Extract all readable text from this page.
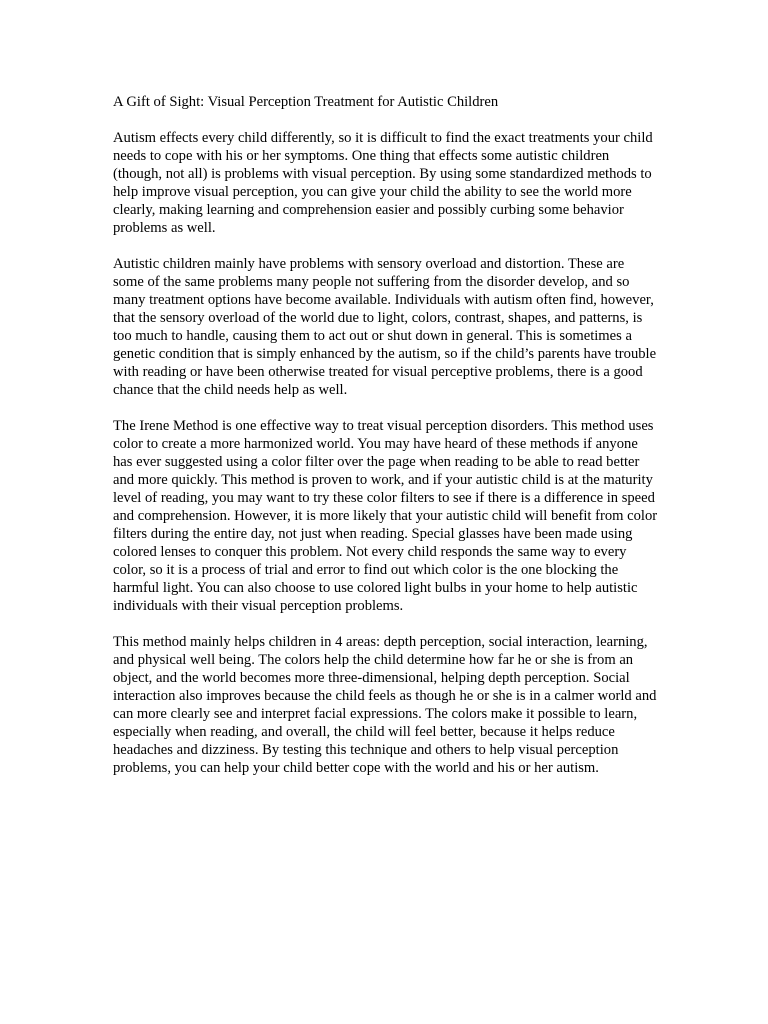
A Gift of Sight: Visual Perception Treatment for Autistic Children

Autism effects every child differently, so it is difficult to find the exact treatments your child needs to cope with his or her symptoms. One thing that effects some autistic children (though, not all) is problems with visual perception. By using some standardized methods to help improve visual perception, you can give your child the ability to see the world more clearly, making learning and comprehension easier and possibly curbing some behavior problems as well.

Autistic children mainly have problems with sensory overload and distortion. These are some of the same problems many people not suffering from the disorder develop, and so many treatment options have become available. Individuals with autism often find, however, that the sensory overload of the world due to light, colors, contrast, shapes, and patterns, is too much to handle, causing them to act out or shut down in general. This is sometimes a genetic condition that is simply enhanced by the autism, so if the child’s parents have trouble with reading or have been otherwise treated for visual perceptive problems, there is a good chance that the child needs help as well.

The Irene Method is one effective way to treat visual perception disorders. This method uses color to create a more harmonized world. You may have heard of these methods if anyone has ever suggested using a color filter over the page when reading to be able to read better and more quickly. This method is proven to work, and if your autistic child is at the maturity level of reading, you may want to try these color filters to see if there is a difference in speed and comprehension. However, it is more likely that your autistic child will benefit from color filters during the entire day, not just when reading. Special glasses have been made using colored lenses to conquer this problem. Not every child responds the same way to every color, so it is a process of trial and error to find out which color is the one blocking the harmful light. You can also choose to use colored light bulbs in your home to help autistic individuals with their visual perception problems.

This method mainly helps children in 4 areas: depth perception, social interaction, learning, and physical well being. The colors help the child determine how far he or she is from an object, and the world becomes more three-dimensional, helping depth perception. Social interaction also improves because the child feels as though he or she is in a calmer world and can more clearly see and interpret facial expressions. The colors make it possible to learn, especially when reading, and overall, the child will feel better, because it helps reduce headaches and dizziness. By testing this technique and others to help visual perception problems, you can help your child better cope with the world and his or her autism.
